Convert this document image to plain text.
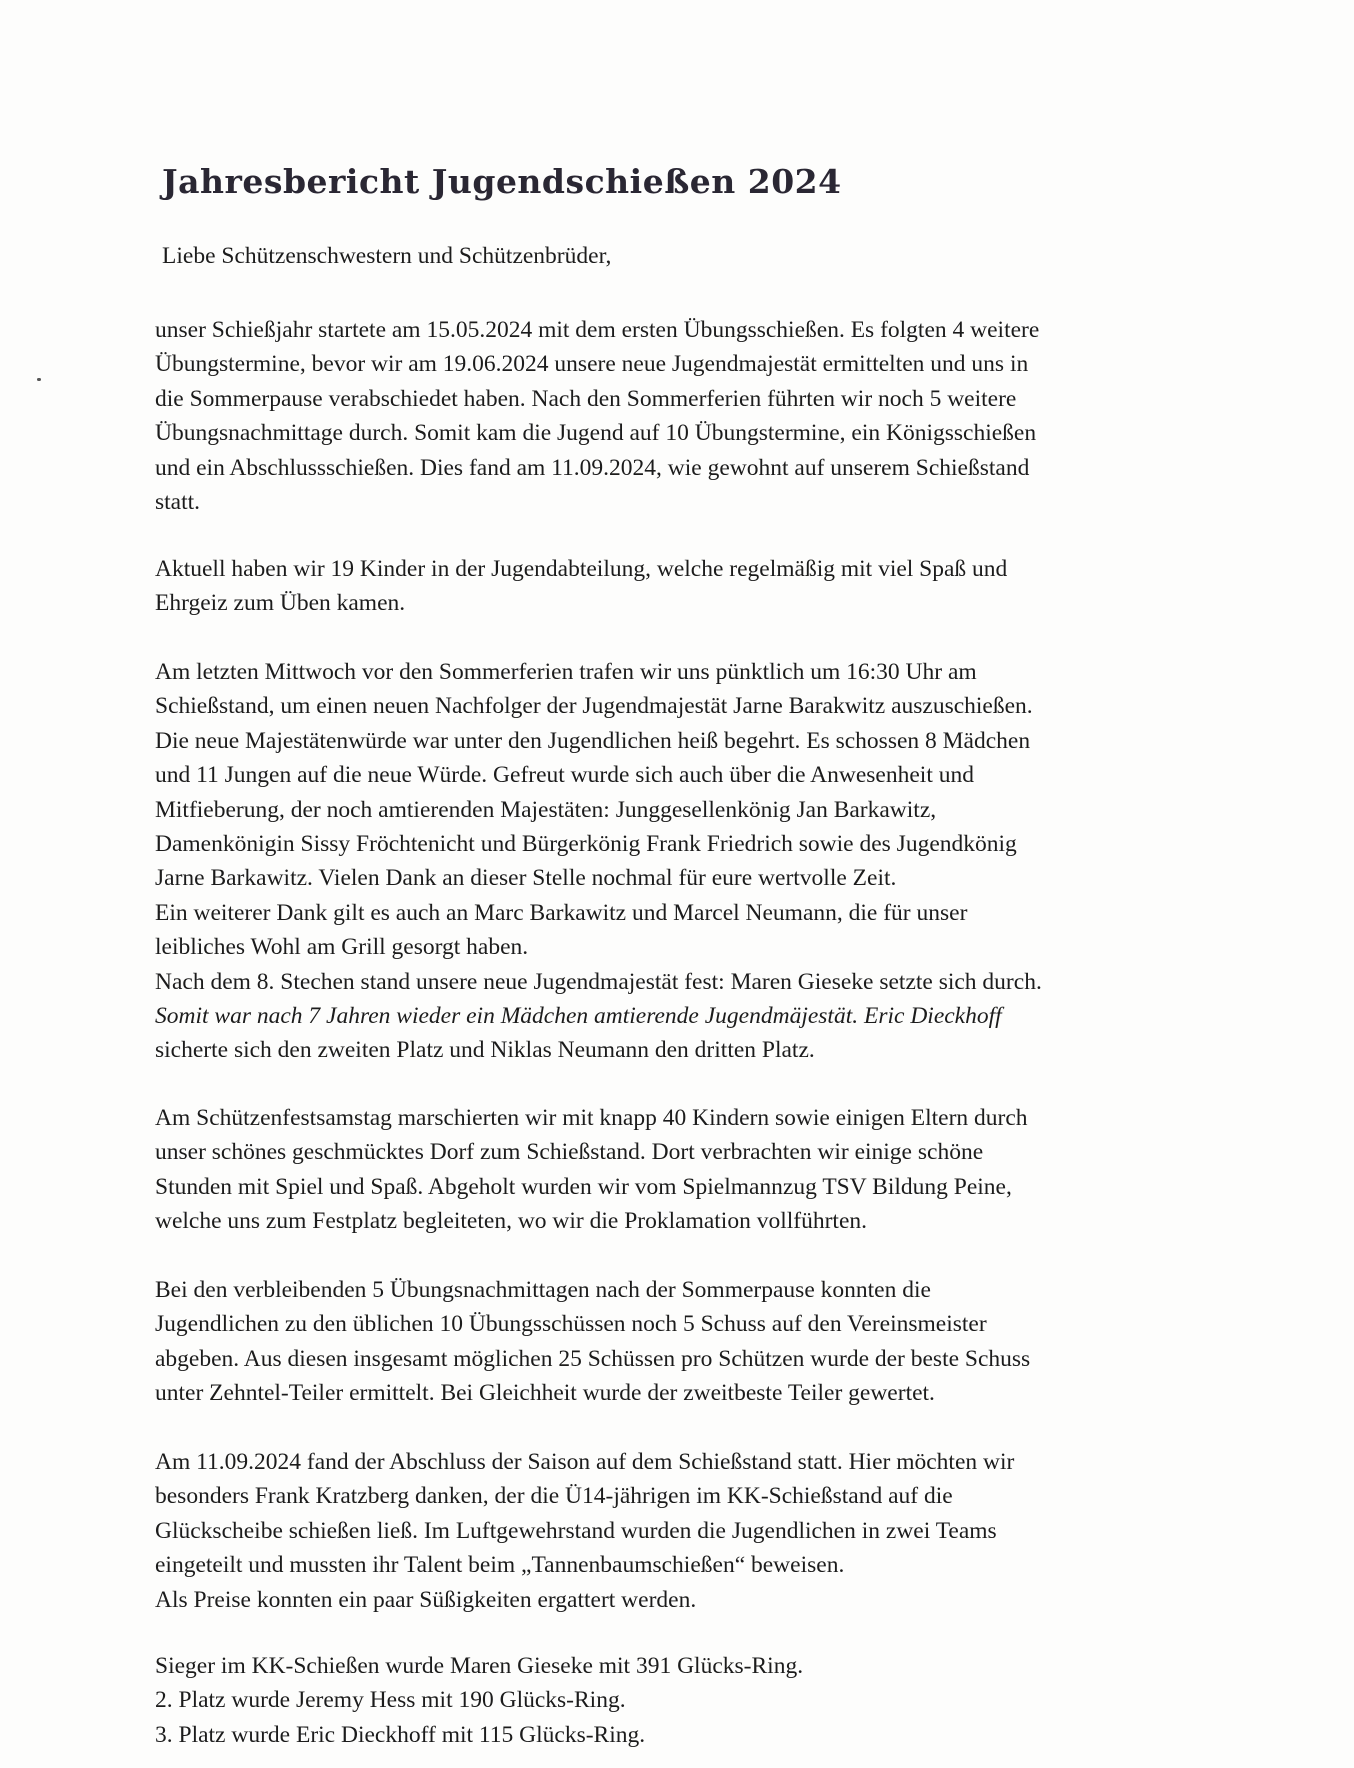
Jahresbericht Jugendschießen 2024

Liebe Schützenschwestern und Schützenbrüder,

unser Schießjahr startete am 15.05.2024 mit dem ersten Übungsschießen. Es folgten 4 weitere
Übungstermine, bevor wir am 19.06.2024 unsere neue Jugendmajestät ermittelten und uns in
die Sommerpause verabschiedet haben. Nach den Sommerferien führten wir noch 5 weitere
Übungsnachmittage durch. Somit kam die Jugend auf 10 Übungstermine, ein Königsschießen
und ein Abschlussschießen. Dies fand am 11.09.2024, wie gewohnt auf unserem Schießstand
statt.

Aktuell haben wir 19 Kinder in der Jugendabteilung, welche regelmäßig mit viel Spaß und
Ehrgeiz zum Üben kamen.

Am letzten Mittwoch vor den Sommerferien trafen wir uns pünktlich um 16:30 Uhr am
Schießstand, um einen neuen Nachfolger der Jugendmajestät Jarne Barakwitz auszuschießen.
Die neue Majestätenwürde war unter den Jugendlichen heiß begehrt. Es schossen 8 Mädchen
und 11 Jungen auf die neue Würde. Gefreut wurde sich auch über die Anwesenheit und
Mitfieberung, der noch amtierenden Majestäten: Junggesellenkönig Jan Barkawitz,
Damenkönigin Sissy Fröchtenicht und Bürgerkönig Frank Friedrich sowie des Jugendkönig
Jarne Barkawitz. Vielen Dank an dieser Stelle nochmal für eure wertvolle Zeit.
Ein weiterer Dank gilt es auch an Marc Barkawitz und Marcel Neumann, die für unser
leibliches Wohl am Grill gesorgt haben.
Nach dem 8. Stechen stand unsere neue Jugendmajestät fest: Maren Gieseke setzte sich durch.
Somit war nach 7 Jahren wieder ein Mädchen amtierende Jugendmäjestät. Eric Dieckhoff
sicherte sich den zweiten Platz und Niklas Neumann den dritten Platz.

Am Schützenfestsamstag marschierten wir mit knapp 40 Kindern sowie einigen Eltern durch
unser schönes geschmücktes Dorf zum Schießstand. Dort verbrachten wir einige schöne
Stunden mit Spiel und Spaß. Abgeholt wurden wir vom Spielmannzug TSV Bildung Peine,
welche uns zum Festplatz begleiteten, wo wir die Proklamation vollführten.

Bei den verbleibenden 5 Übungsnachmittagen nach der Sommerpause konnten die
Jugendlichen zu den üblichen 10 Übungsschüssen noch 5 Schuss auf den Vereinsmeister
abgeben. Aus diesen insgesamt möglichen 25 Schüssen pro Schützen wurde der beste Schuss
unter Zehntel-Teiler ermittelt. Bei Gleichheit wurde der zweitbeste Teiler gewertet.

Am 11.09.2024 fand der Abschluss der Saison auf dem Schießstand statt. Hier möchten wir
besonders Frank Kratzberg danken, der die Ü14-jährigen im KK-Schießstand auf die
Glückscheibe schießen ließ. Im Luftgewehrstand wurden die Jugendlichen in zwei Teams
eingeteilt und mussten ihr Talent beim „Tannenbaumschießen“ beweisen.
Als Preise konnten ein paar Süßigkeiten ergattert werden.

Sieger im KK-Schießen wurde Maren Gieseke mit 391 Glücks-Ring.
2. Platz wurde Jeremy Hess mit 190 Glücks-Ring.
3. Platz wurde Eric Dieckhoff mit 115 Glücks-Ring.
